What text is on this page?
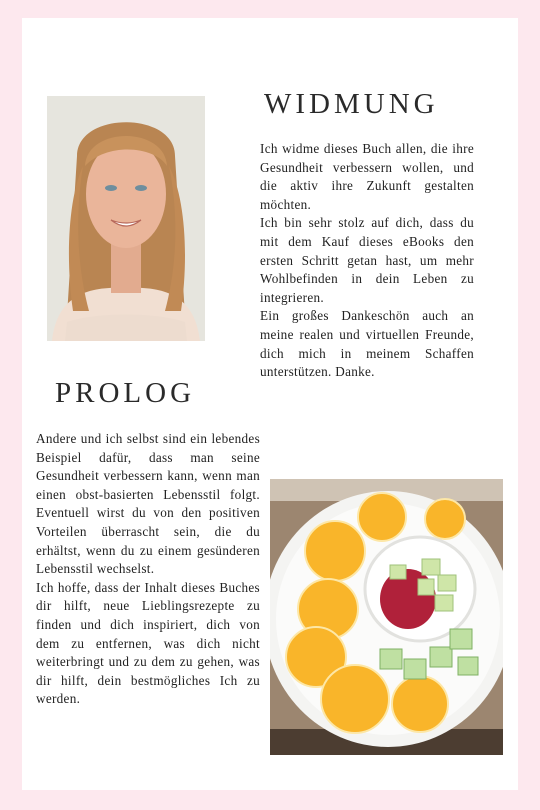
WIDMUNG

Ich widme dieses Buch allen, die ihre Gesundheit verbessern wollen, und die aktiv ihre Zukunft gestalten möchten.

Ich bin sehr stolz auf dich, dass du mit dem Kauf dieses eBooks den ersten Schritt getan hast, um mehr Wohlbefinden in dein Leben zu integrieren.

Ein großes Dankeschön auch an meine realen und virtuellen Freunde, dich mich in meinem Schaffen unterstützen. Danke.

PROLOG

Andere und ich selbst sind ein lebendes Beispiel dafür, dass man seine Gesundheit verbessern kann, wenn man einen obst-basierten Lebensstil folgt. Eventuell wirst du von den positiven Vorteilen überrascht sein, die du erhältst, wenn du zu einem gesünderen Lebensstil wechselst.

Ich hoffe, dass der Inhalt dieses Buches dir hilft, neue Lieblingsrezepte zu finden und dich inspiriert, dich von dem zu entfernen, was dich nicht weiterbringt und zu dem zu gehen, was dir hilft, dein bestmögliches Ich zu werden.
